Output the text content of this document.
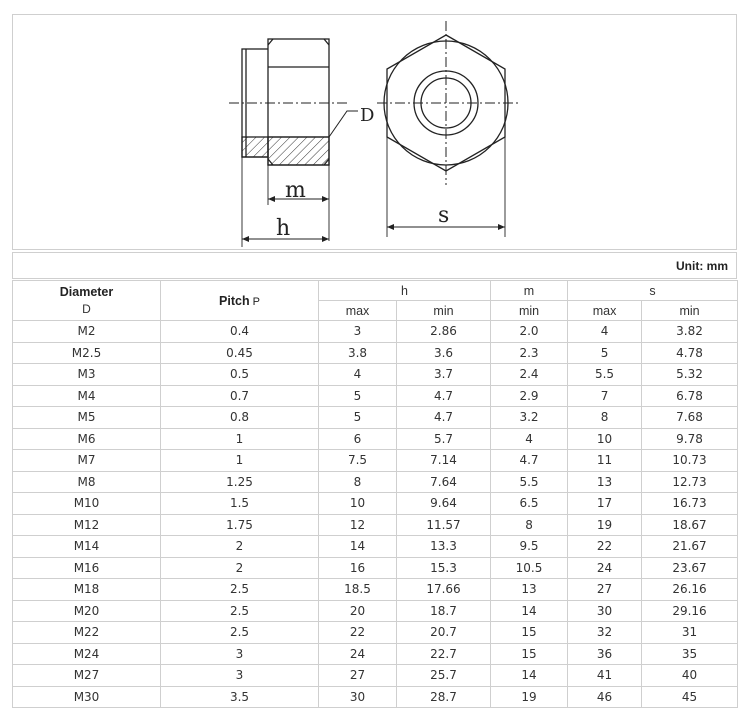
D
m
h
s
Unit: mm
Diameter
D	Pitch P	h		m	s	
		max	min	min	max	min
M2	0.4	3	2.86	2.0	4	3.82
M2.5	0.45	3.8	3.6	2.3	5	4.78
M3	0.5	4	3.7	2.4	5.5	5.32
M4	0.7	5	4.7	2.9	7	6.78
M5	0.8	5	4.7	3.2	8	7.68
M6	1	6	5.7	4	10	9.78
M7	1	7.5	7.14	4.7	11	10.73
M8	1.25	8	7.64	5.5	13	12.73
M10	1.5	10	9.64	6.5	17	16.73
M12	1.75	12	11.57	8	19	18.67
M14	2	14	13.3	9.5	22	21.67
M16	2	16	15.3	10.5	24	23.67
M18	2.5	18.5	17.66	13	27	26.16
M20	2.5	20	18.7	14	30	29.16
M22	2.5	22	20.7	15	32	31
M24	3	24	22.7	15	36	35
M27	3	27	25.7	14	41	40
M30	3.5	30	28.7	19	46	45
